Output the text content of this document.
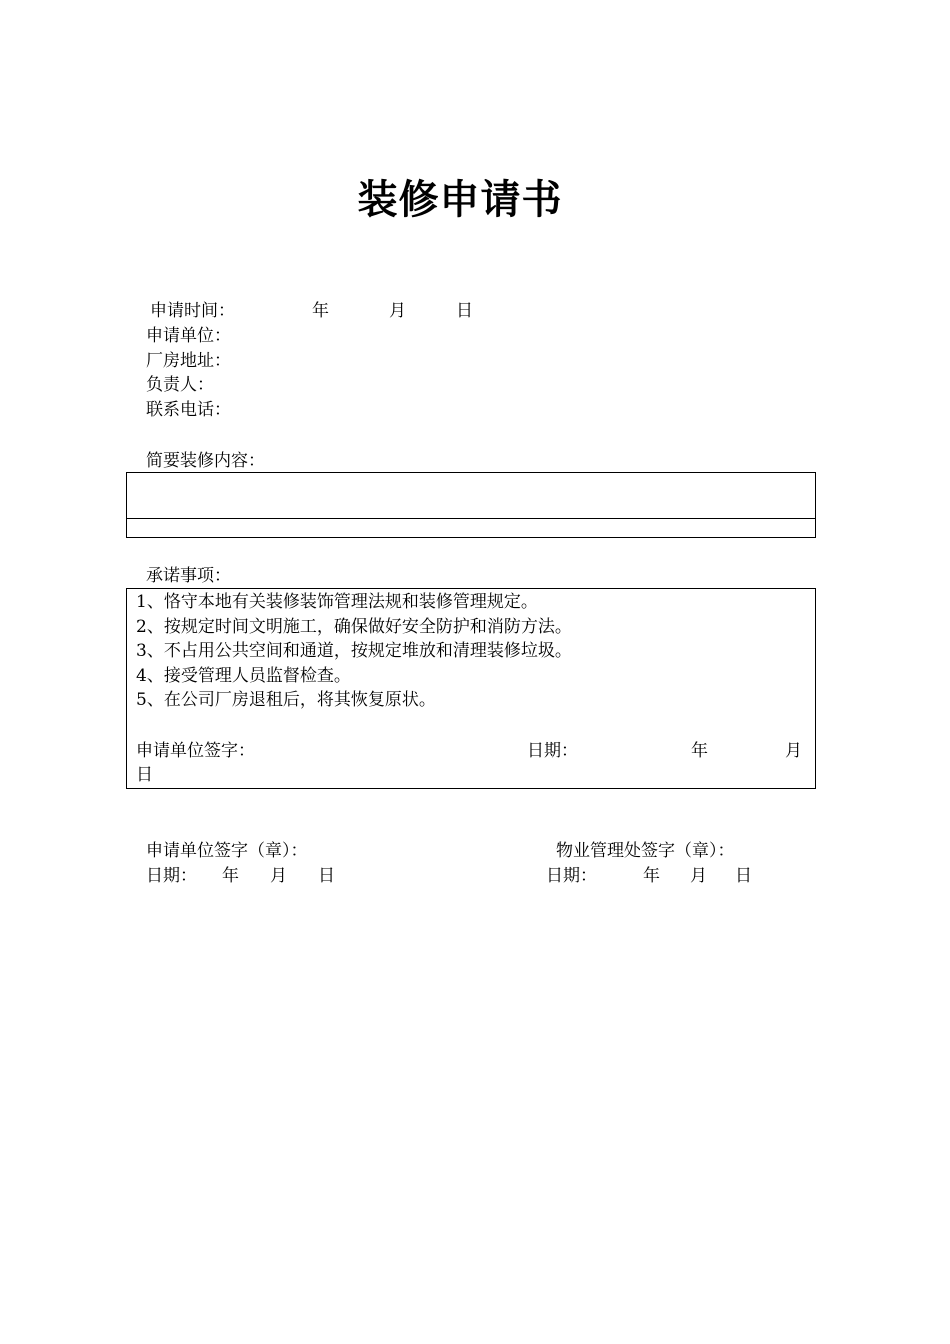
装修申请书
申请时间：	年	月	日
申请单位：
厂房地址：
负责人：
联系电话：
简要装修内容：
承诺事项：
1、恪守本地有关装修装饰管理法规和装修管理规定。
2、按规定时间文明施工，确保做好安全防护和消防方法。
3、不占用公共空间和通道，按规定堆放和清理装修垃圾。
4、接受管理人员监督检查。
5、在公司厂房退租后，将其恢复原状。
申请单位签字：	日期：	年	月
日
申请单位签字（章）：	物业管理处签字（章）：
日期： 年 月 日	日期：	年 月 日
